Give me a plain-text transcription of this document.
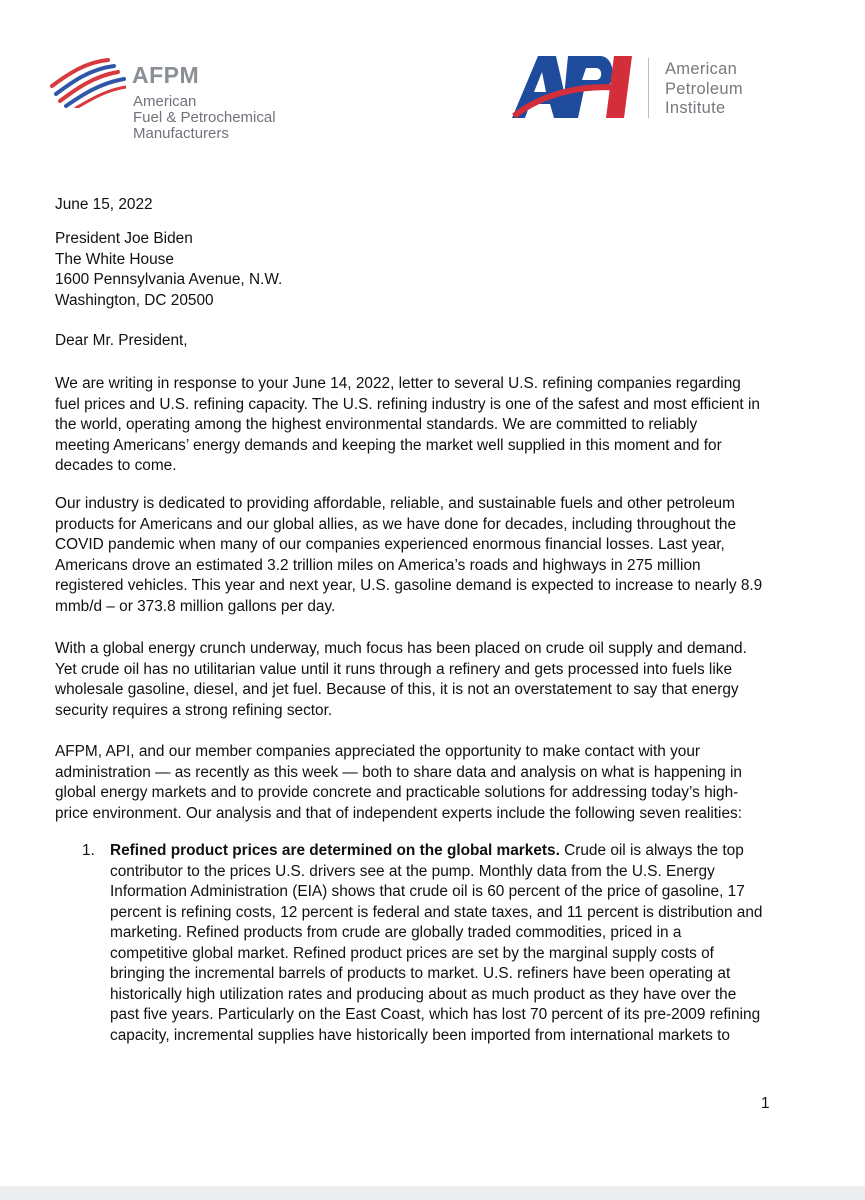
AFPM
American
Fuel & Petrochemical
Manufacturers
American
Petroleum
Institute
June 15, 2022
President Joe Biden
The White House
1600 Pennsylvania Avenue, N.W.
Washington, DC 20500
Dear Mr. President,
We are writing in response to your June 14, 2022, letter to several U.S. refining companies regarding
fuel prices and U.S. refining capacity. The U.S. refining industry is one of the safest and most efficient in
the world, operating among the highest environmental standards. We are committed to reliably
meeting Americans’ energy demands and keeping the market well supplied in this moment and for
decades to come.
Our industry is dedicated to providing affordable, reliable, and sustainable fuels and other petroleum
products for Americans and our global allies, as we have done for decades, including throughout the
COVID pandemic when many of our companies experienced enormous financial losses. Last year,
Americans drove an estimated 3.2 trillion miles on America’s roads and highways in 275 million
registered vehicles. This year and next year, U.S. gasoline demand is expected to increase to nearly 8.9
mmb/d – or 373.8 million gallons per day.
With a global energy crunch underway, much focus has been placed on crude oil supply and demand.
Yet crude oil has no utilitarian value until it runs through a refinery and gets processed into fuels like
wholesale gasoline, diesel, and jet fuel. Because of this, it is not an overstatement to say that energy
security requires a strong refining sector.
AFPM, API, and our member companies appreciated the opportunity to make contact with your
administration — as recently as this week — both to share data and analysis on what is happening in
global energy markets and to provide concrete and practicable solutions for addressing today’s high-
price environment. Our analysis and that of independent experts include the following seven realities:
1. Refined product prices are determined on the global markets. Crude oil is always the top
contributor to the prices U.S. drivers see at the pump. Monthly data from the U.S. Energy
Information Administration (EIA) shows that crude oil is 60 percent of the price of gasoline, 17
percent is refining costs, 12 percent is federal and state taxes, and 11 percent is distribution and
marketing. Refined products from crude are globally traded commodities, priced in a
competitive global market. Refined product prices are set by the marginal supply costs of
bringing the incremental barrels of products to market. U.S. refiners have been operating at
historically high utilization rates and producing about as much product as they have over the
past five years. Particularly on the East Coast, which has lost 70 percent of its pre-2009 refining
capacity, incremental supplies have historically been imported from international markets to
1
